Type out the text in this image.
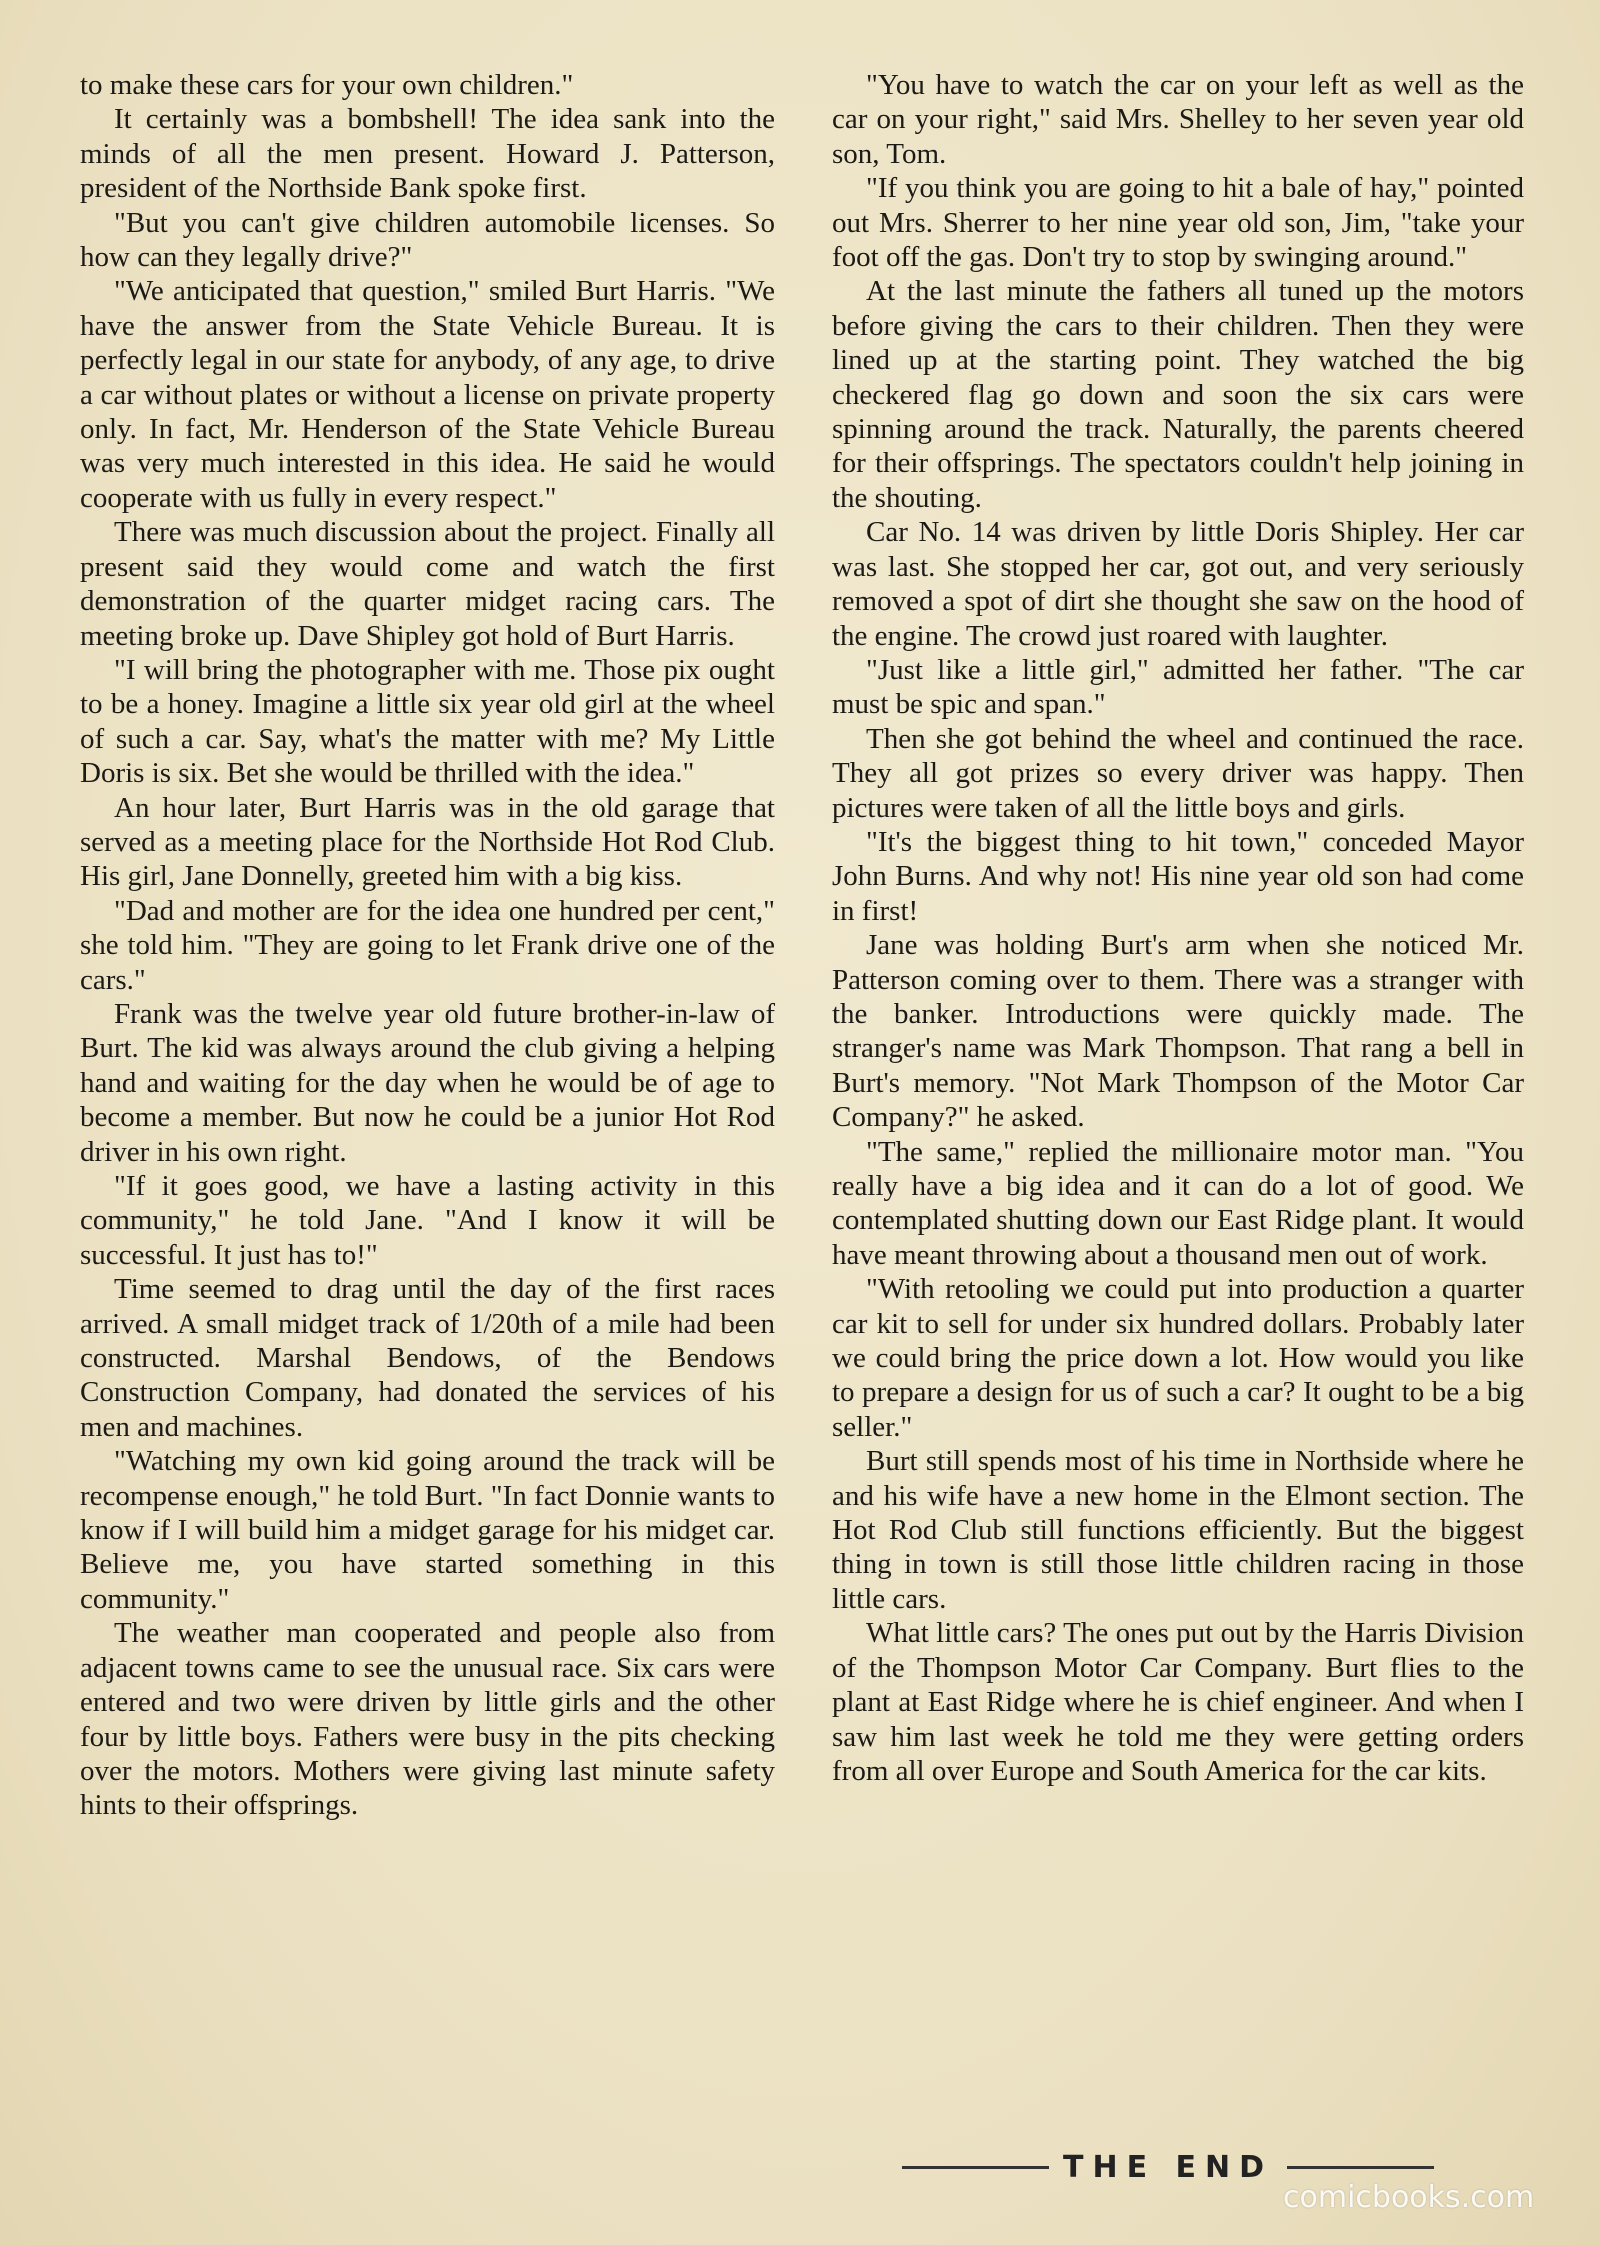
to make these cars for your own children."

It certainly was a bombshell! The idea sank into the minds of all the men present. Howard J. Patterson, president of the Northside Bank spoke first.

"But you can't give children automobile licenses. So how can they legally drive?"

"We anticipated that question," smiled Burt Harris. "We have the answer from the State Vehicle Bureau. It is perfectly legal in our state for anybody, of any age, to drive a car without plates or without a license on private property only. In fact, Mr. Henderson of the State Vehicle Bureau was very much interested in this idea. He said he would cooperate with us fully in every respect."

There was much discussion about the project. Finally all present said they would come and watch the first demonstration of the quarter midget racing cars. The meeting broke up. Dave Shipley got hold of Burt Harris.

"I will bring the photographer with me. Those pix ought to be a honey. Imagine a little six year old girl at the wheel of such a car. Say, what's the matter with me? My Little Doris is six. Bet she would be thrilled with the idea."

An hour later, Burt Harris was in the old garage that served as a meeting place for the Northside Hot Rod Club. His girl, Jane Donnelly, greeted him with a big kiss.

"Dad and mother are for the idea one hundred per cent," she told him. "They are going to let Frank drive one of the cars."

Frank was the twelve year old future brother-in-law of Burt. The kid was always around the club giving a helping hand and waiting for the day when he would be of age to become a member. But now he could be a junior Hot Rod driver in his own right.

"If it goes good, we have a lasting activity in this community," he told Jane. "And I know it will be successful. It just has to!"

Time seemed to drag until the day of the first races arrived. A small midget track of 1/20th of a mile had been constructed. Marshal Bendows, of the Bendows Construction Company, had donated the services of his men and machines.

"Watching my own kid going around the track will be recompense enough," he told Burt. "In fact Donnie wants to know if I will build him a midget garage for his midget car. Believe me, you have started something in this community."

The weather man cooperated and people also from adjacent towns came to see the unusual race. Six cars were entered and two were driven by little girls and the other four by little boys. Fathers were busy in the pits checking over the motors. Mothers were giving last minute safety hints to their offsprings.

"You have to watch the car on your left as well as the car on your right," said Mrs. Shelley to her seven year old son, Tom.

"If you think you are going to hit a bale of hay," pointed out Mrs. Sherrer to her nine year old son, Jim, "take your foot off the gas. Don't try to stop by swinging around."

At the last minute the fathers all tuned up the motors before giving the cars to their children. Then they were lined up at the starting point. They watched the big checkered flag go down and soon the six cars were spinning around the track. Naturally, the parents cheered for their offsprings. The spectators couldn't help joining in the shouting.

Car No. 14 was driven by little Doris Shipley. Her car was last. She stopped her car, got out, and very seriously removed a spot of dirt she thought she saw on the hood of the engine. The crowd just roared with laughter.

"Just like a little girl," admitted her father. "The car must be spic and span."

Then she got behind the wheel and continued the race. They all got prizes so every driver was happy. Then pictures were taken of all the little boys and girls.

"It's the biggest thing to hit town," conceded Mayor John Burns. And why not! His nine year old son had come in first!

Jane was holding Burt's arm when she noticed Mr. Patterson coming over to them. There was a stranger with the banker. Introductions were quickly made. The stranger's name was Mark Thompson. That rang a bell in Burt's memory. "Not Mark Thompson of the Motor Car Company?" he asked.

"The same," replied the millionaire motor man. "You really have a big idea and it can do a lot of good. We contemplated shutting down our East Ridge plant. It would have meant throwing about a thousand men out of work.

"With retooling we could put into production a quarter car kit to sell for under six hundred dollars. Probably later we could bring the price down a lot. How would you like to prepare a design for us of such a car? It ought to be a big seller."

Burt still spends most of his time in Northside where he and his wife have a new home in the Elmont section. The Hot Rod Club still functions efficiently. But the biggest thing in town is still those little children racing in those little cars.

What little cars? The ones put out by the Harris Division of the Thompson Motor Car Company. Burt flies to the plant at East Ridge where he is chief engineer. And when I saw him last week he told me they were getting orders from all over Europe and South America for the car kits.

THE END
comicbooks.com
